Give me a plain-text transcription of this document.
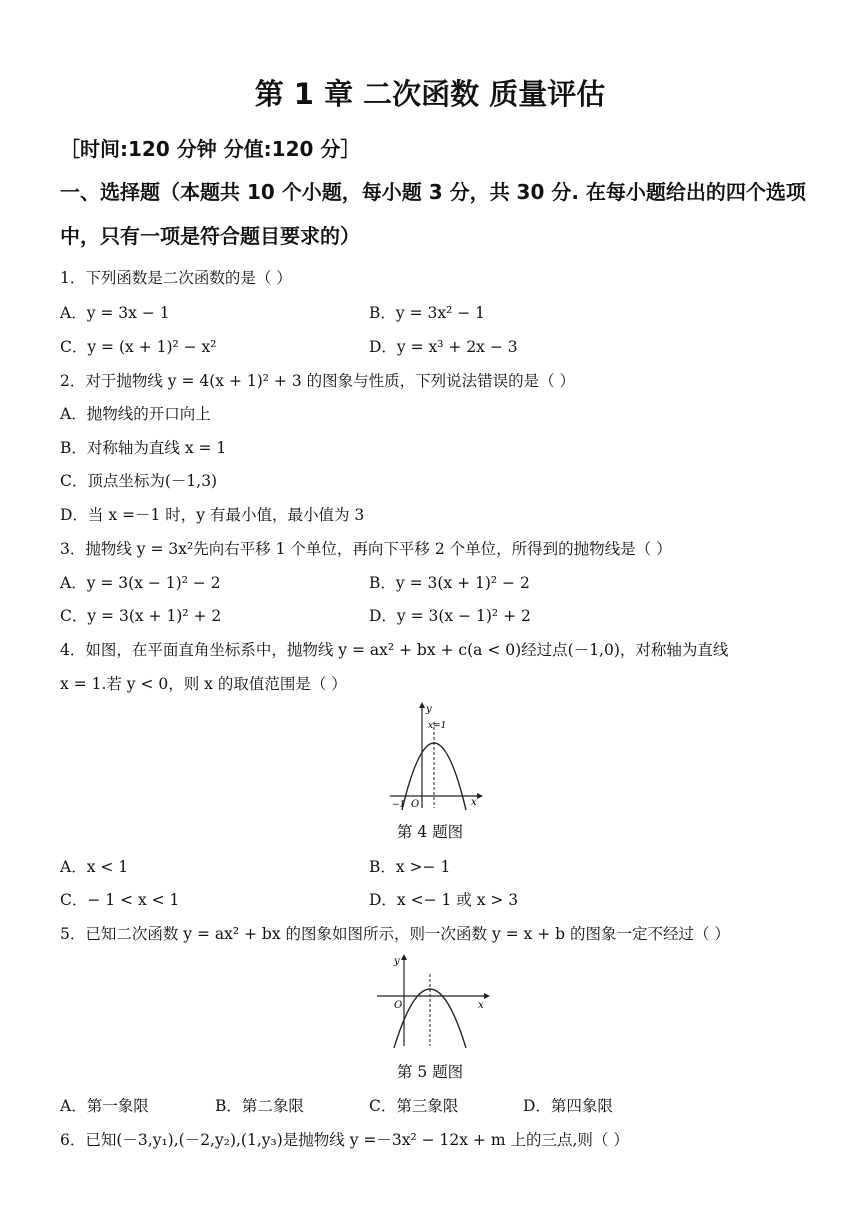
第 1 章 二次函数 质量评估
［时间:120 分钟 分值:120 分］
一、选择题（本题共 10 个小题，每小题 3 分，共 30 分. 在每小题给出的四个选项中，只有一项是符合题目要求的）
1．下列函数是二次函数的是（ ）
A．y = 3x − 1	B．y = 3x² − 1
C．y = (x + 1)² − x²	D．y = x³ + 2x − 3
2．对于抛物线 y = 4(x + 1)² + 3 的图象与性质，下列说法错误的是（ ）
A．抛物线的开口向上
B．对称轴为直线 x = 1
C．顶点坐标为(－1,3)
D．当 x =－1 时，y 有最小值，最小值为 3
3．抛物线 y = 3x²先向右平移 1 个单位，再向下平移 2 个单位，所得到的抛物线是（ ）
A．y = 3(x − 1)² − 2	B．y = 3(x + 1)² − 2
C．y = 3(x + 1)² + 2	D．y = 3(x − 1)² + 2
4．如图，在平面直角坐标系中，抛物线 y = ax² + bx + c(a < 0)经过点(－1,0)，对称轴为直线
x = 1.若 y < 0，则 x 的取值范围是（ ）
y
x=1
x
O
−1
第 4 题图
A．x < 1	B．x >− 1
C．− 1 < x < 1	D．x <− 1 或 x > 3
5．已知二次函数 y = ax² + bx 的图象如图所示，则一次函数 y = x + b 的图象一定不经过（ ）
y
x
O
第 5 题图
A．第一象限	B．第二象限	C．第三象限	D．第四象限
6．已知(－3,y₁),(－2,y₂),(1,y₃)是抛物线 y =－3x² − 12x + m 上的三点,则（ ）
